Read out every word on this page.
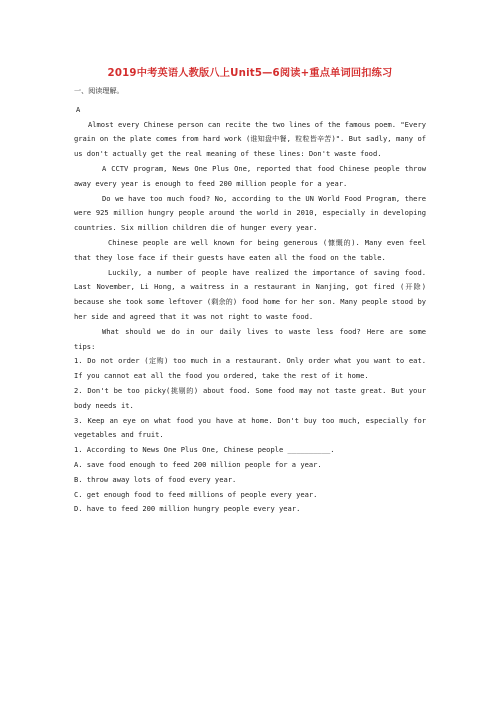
2019中考英语人教版八上Unit5—6阅读+重点单词回扣练习
一、阅读理解。
A

Almost every Chinese person can recite the two lines of the famous poem. "Every grain on the plate comes from hard work (谁知盘中餐, 粒粒皆辛苦)". But sadly, many of us don't actually get the real meaning of these lines: Don't waste food.

A CCTV program, News One Plus One, reported that food Chinese people throw away every year is enough to feed 200 million people for a year.

Do we have too much food? No, according to the UN World Food Program, there were 925 million hungry people around the world in 2010, especially in developing countries. Six million children die of hunger every year.

Chinese people are well known for being generous (慷慨的). Many even feel that they lose face if their guests have eaten all the food on the table.

Luckily, a number of people have realized the importance of saving food. Last November, Li Hong, a waitress in a restaurant in Nanjing, got fired (开除) because she took some leftover (剩余的) food home for her son. Many people stood by her side and agreed that it was not right to waste food.

What should we do in our daily lives to waste less food? Here are some tips:

1. Do not order (定购) too much in a restaurant. Only order what you want to eat. If you cannot eat all the food you ordered, take the rest of it home.

2. Don't be too picky(挑剔的) about food. Some food may not taste great. But your body needs it.

3. Keep an eye on what food you have at home. Don't buy too much, especially for vegetables and fruit.

1. According to News One Plus One, Chinese people __________.

A. save food enough to feed 200 million people for a year.

B. throw away lots of food every year.

C. get enough food to feed millions of people every year.

D. have to feed 200 million hungry people every year.
